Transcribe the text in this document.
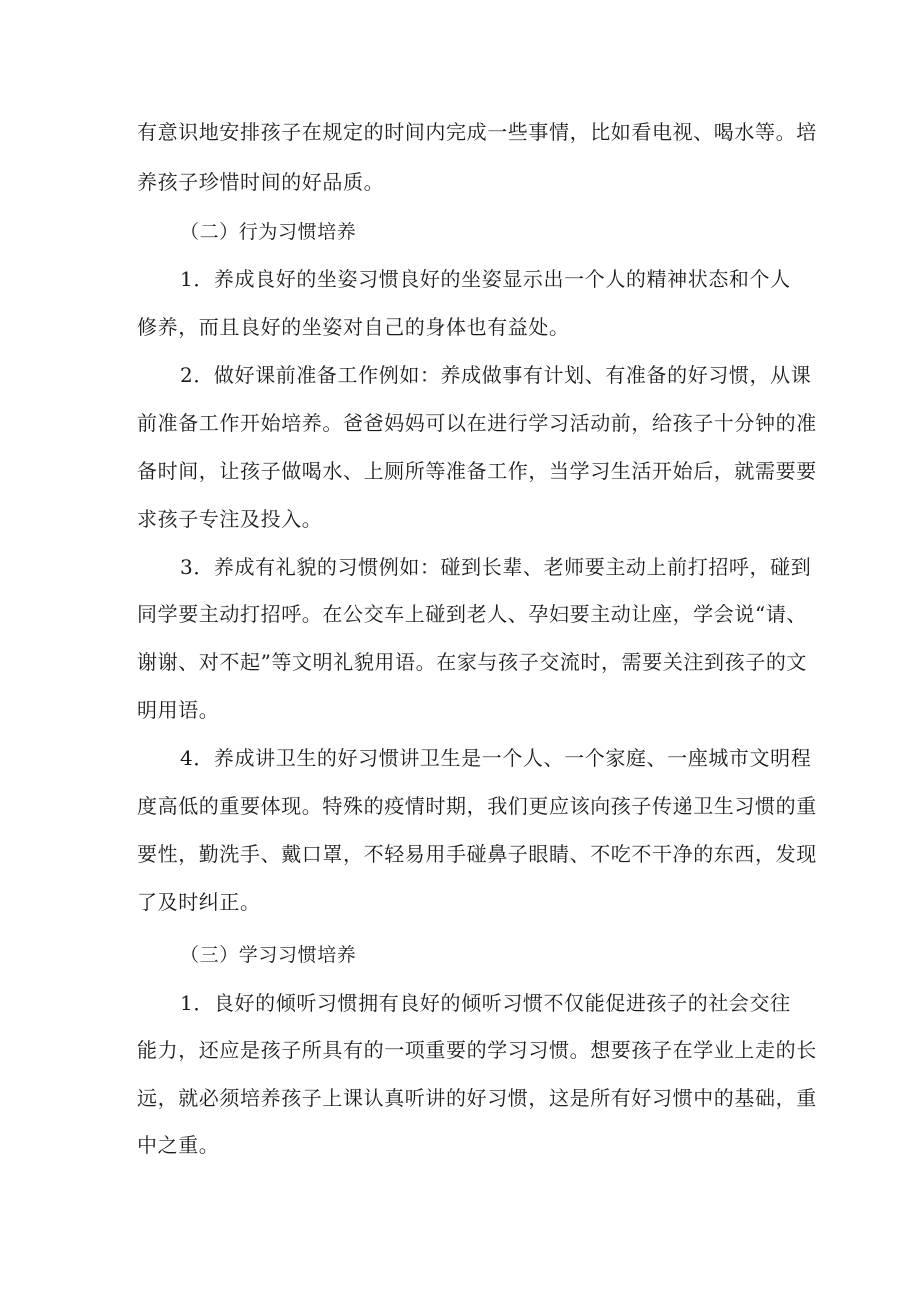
有意识地安排孩子在规定的时间内完成一些事情，比如看电视、喝水等。培
养孩子珍惜时间的好品质。
（二）行为习惯培养
1．养成良好的坐姿习惯良好的坐姿显示出一个人的精神状态和个人
修养，而且良好的坐姿对自己的身体也有益处。
2．做好课前准备工作例如：养成做事有计划、有准备的好习惯，从课
前准备工作开始培养。爸爸妈妈可以在进行学习活动前，给孩子十分钟的准
备时间，让孩子做喝水、上厕所等准备工作，当学习生活开始后，就需要要
求孩子专注及投入。
3．养成有礼貌的习惯例如：碰到长辈、老师要主动上前打招呼，碰到
同学要主动打招呼。在公交车上碰到老人、孕妇要主动让座，学会说“请、
谢谢、对不起”等文明礼貌用语。在家与孩子交流时，需要关注到孩子的文
明用语。
4．养成讲卫生的好习惯讲卫生是一个人、一个家庭、一座城市文明程
度高低的重要体现。特殊的疫情时期，我们更应该向孩子传递卫生习惯的重
要性，勤洗手、戴口罩，不轻易用手碰鼻子眼睛、不吃不干净的东西，发现
了及时纠正。
（三）学习习惯培养
1．良好的倾听习惯拥有良好的倾听习惯不仅能促进孩子的社会交往
能力，还应是孩子所具有的一项重要的学习习惯。想要孩子在学业上走的长
远，就必须培养孩子上课认真听讲的好习惯，这是所有好习惯中的基础，重
中之重。
